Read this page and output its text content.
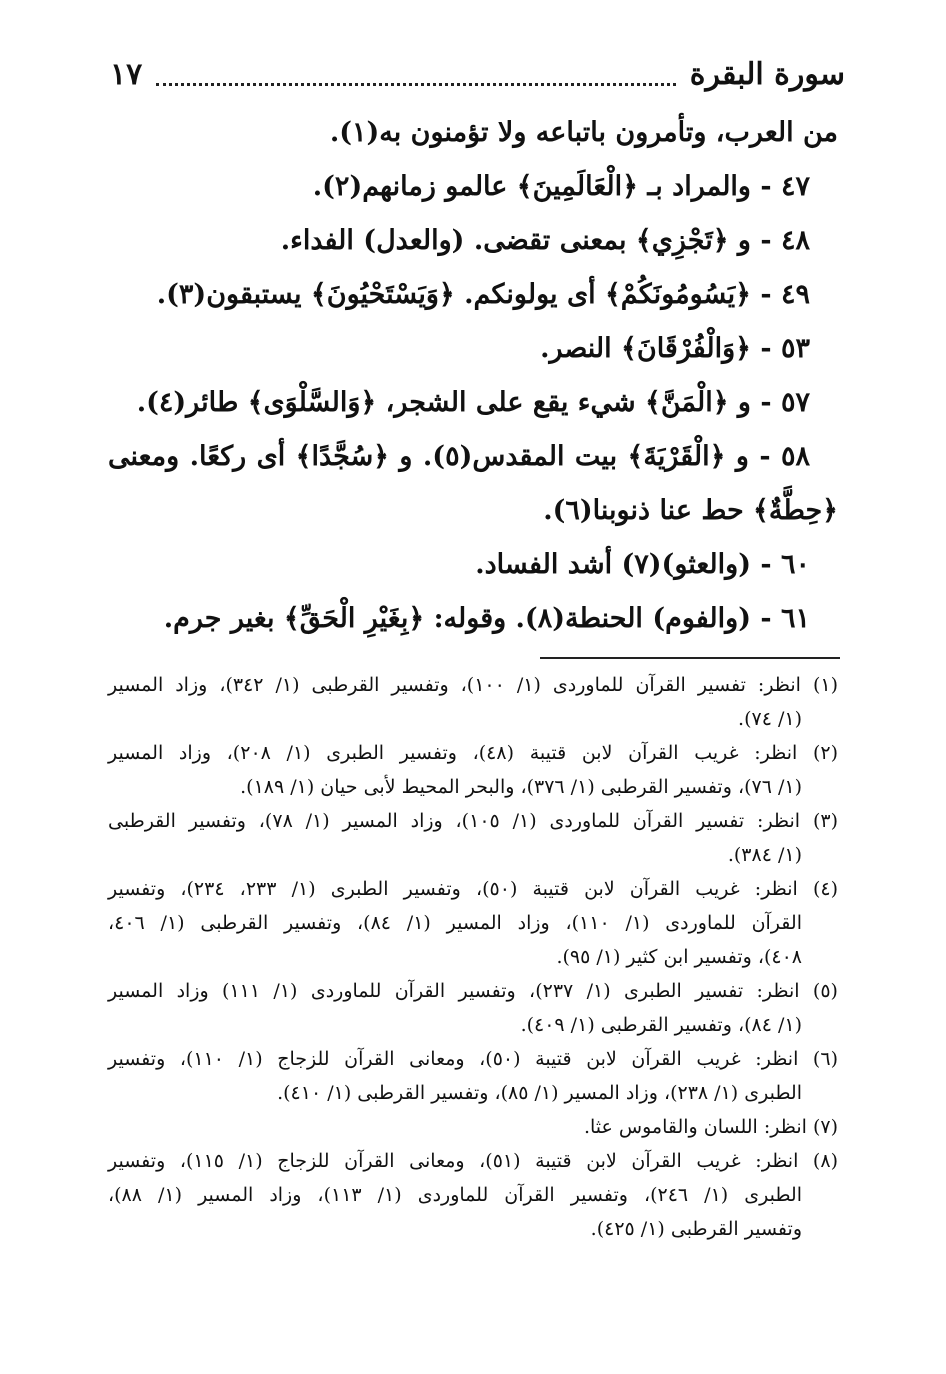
سورة البقرة
١٧
من العرب، وتأمرون باتباعه ولا تؤمنون به(١).
٤٧ - والمراد بـ ﴿الْعَالَمِينَ﴾ عالمو زمانهم(٢).
٤٨ - و ﴿تَجْزِي﴾ بمعنى تقضى. (والعدل) الفداء.
٤٩ - ﴿يَسُومُونَكُمْ﴾ أى يولونكم. ﴿وَيَسْتَحْيُونَ﴾ يستبقون(٣).
٥٣ - ﴿وَالْفُرْقَانَ﴾ النصر.
٥٧ - و ﴿الْمَنَّ﴾ شيء يقع على الشجر، ﴿وَالسَّلْوَى﴾ طائر(٤).
٥٨ - و ﴿الْقَرْيَةَ﴾ بيت المقدس(٥). و ﴿سُجَّدًا﴾ أى ركعًا. ومعنى
﴿حِطَّةٌ﴾ حط عنا ذنوبنا(٦).
٦٠ - (والعثو)(٧) أشد الفساد.
٦١ - (والفوم) الحنطة(٨). وقوله: ﴿بِغَيْرِ الْحَقِّ﴾ بغير جرم.
(١) انظر: تفسير القرآن للماوردى (١/ ١٠٠)، وتفسير القرطبى (١/ ٣٤٢)، وزاد المسير
(١/ ٧٤).
(٢) انظر: غريب القرآن لابن قتيبة (٤٨)، وتفسير الطبرى (١/ ٢٠٨)، وزاد المسير
(١/ ٧٦)، وتفسير القرطبى (١/ ٣٧٦)، والبحر المحيط لأبى حيان (١/ ١٨٩).
(٣) انظر: تفسير القرآن للماوردى (١/ ١٠٥)، وزاد المسير (١/ ٧٨)، وتفسير القرطبى
(١/ ٣٨٤).
(٤) انظر: غريب القرآن لابن قتيبة (٥٠)، وتفسير الطبرى (١/ ٢٣٣، ٢٣٤)، وتفسير
القرآن للماوردى (١/ ١١٠)، وزاد المسير (١/ ٨٤)، وتفسير القرطبى (١/ ٤٠٦،
٤٠٨)، وتفسير ابن كثير (١/ ٩٥).
(٥) انظر: تفسير الطبرى (١/ ٢٣٧)، وتفسير القرآن للماوردى (١/ ١١١) وزاد المسير
(١/ ٨٤)، وتفسير القرطبى (١/ ٤٠٩).
(٦) انظر: غريب القرآن لابن قتيبة (٥٠)، ومعانى القرآن للزجاج (١/ ١١٠)، وتفسير
الطبرى (١/ ٢٣٨)، وزاد المسير (١/ ٨٥)، وتفسير القرطبى (١/ ٤١٠).
(٧) انظر: اللسان والقاموس عثا.
(٨) انظر: غريب القرآن لابن قتيبة (٥١)، ومعانى القرآن للزجاج (١/ ١١٥)، وتفسير
الطبرى (١/ ٢٤٦)، وتفسير القرآن للماوردى (١/ ١١٣)، وزاد المسير (١/ ٨٨)،
وتفسير القرطبى (١/ ٤٢٥).
